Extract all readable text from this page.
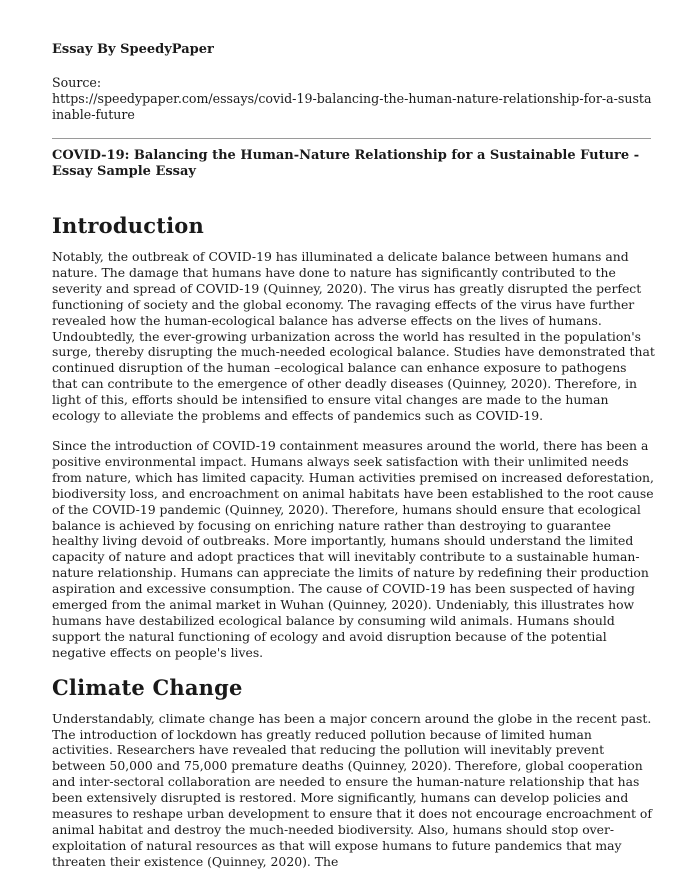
Essay By SpeedyPaper

Source:
https://speedypaper.com/essays/covid-19-balancing-the-human-nature-relationship-for-a-sustainable-future

COVID-19: Balancing the Human-Nature Relationship for a Sustainable Future - Essay Sample Essay

Introduction

Notably, the outbreak of COVID-19 has illuminated a delicate balance between humans and nature. The damage that humans have done to nature has significantly contributed to the severity and spread of COVID-19 (Quinney, 2020). The virus has greatly disrupted the perfect functioning of society and the global economy. The ravaging effects of the virus have further revealed how the human-ecological balance has adverse effects on the lives of humans. Undoubtedly, the ever-growing urbanization across the world has resulted in the population's surge, thereby disrupting the much-needed ecological balance. Studies have demonstrated that continued disruption of the human –ecological balance can enhance exposure to pathogens that can contribute to the emergence of other deadly diseases (Quinney, 2020). Therefore, in light of this, efforts should be intensified to ensure vital changes are made to the human ecology to alleviate the problems and effects of pandemics such as COVID-19.

Since the introduction of COVID-19 containment measures around the world, there has been a positive environmental impact. Humans always seek satisfaction with their unlimited needs from nature, which has limited capacity. Human activities premised on increased deforestation, biodiversity loss, and encroachment on animal habitats have been established to the root cause of the COVID-19 pandemic (Quinney, 2020). Therefore, humans should ensure that ecological balance is achieved by focusing on enriching nature rather than destroying to guarantee healthy living devoid of outbreaks. More importantly, humans should understand the limited capacity of nature and adopt practices that will inevitably contribute to a sustainable human-nature relationship. Humans can appreciate the limits of nature by redefining their production aspiration and excessive consumption. The cause of COVID-19 has been suspected of having emerged from the animal market in Wuhan (Quinney, 2020). Undeniably, this illustrates how humans have destabilized ecological balance by consuming wild animals. Humans should support the natural functioning of ecology and avoid disruption because of the potential negative effects on people's lives.

Climate Change

Understandably, climate change has been a major concern around the globe in the recent past. The introduction of lockdown has greatly reduced pollution because of limited human activities. Researchers have revealed that reducing the pollution will inevitably prevent between 50,000 and 75,000 premature deaths (Quinney, 2020). Therefore, global cooperation and inter-sectoral collaboration are needed to ensure the human-nature relationship that has been extensively disrupted is restored. More significantly, humans can develop policies and measures to reshape urban development to ensure that it does not encourage encroachment of animal habitat and destroy the much-needed biodiversity. Also, humans should stop over-exploitation of natural resources as that will expose humans to future pandemics that may threaten their existence (Quinney, 2020). The
